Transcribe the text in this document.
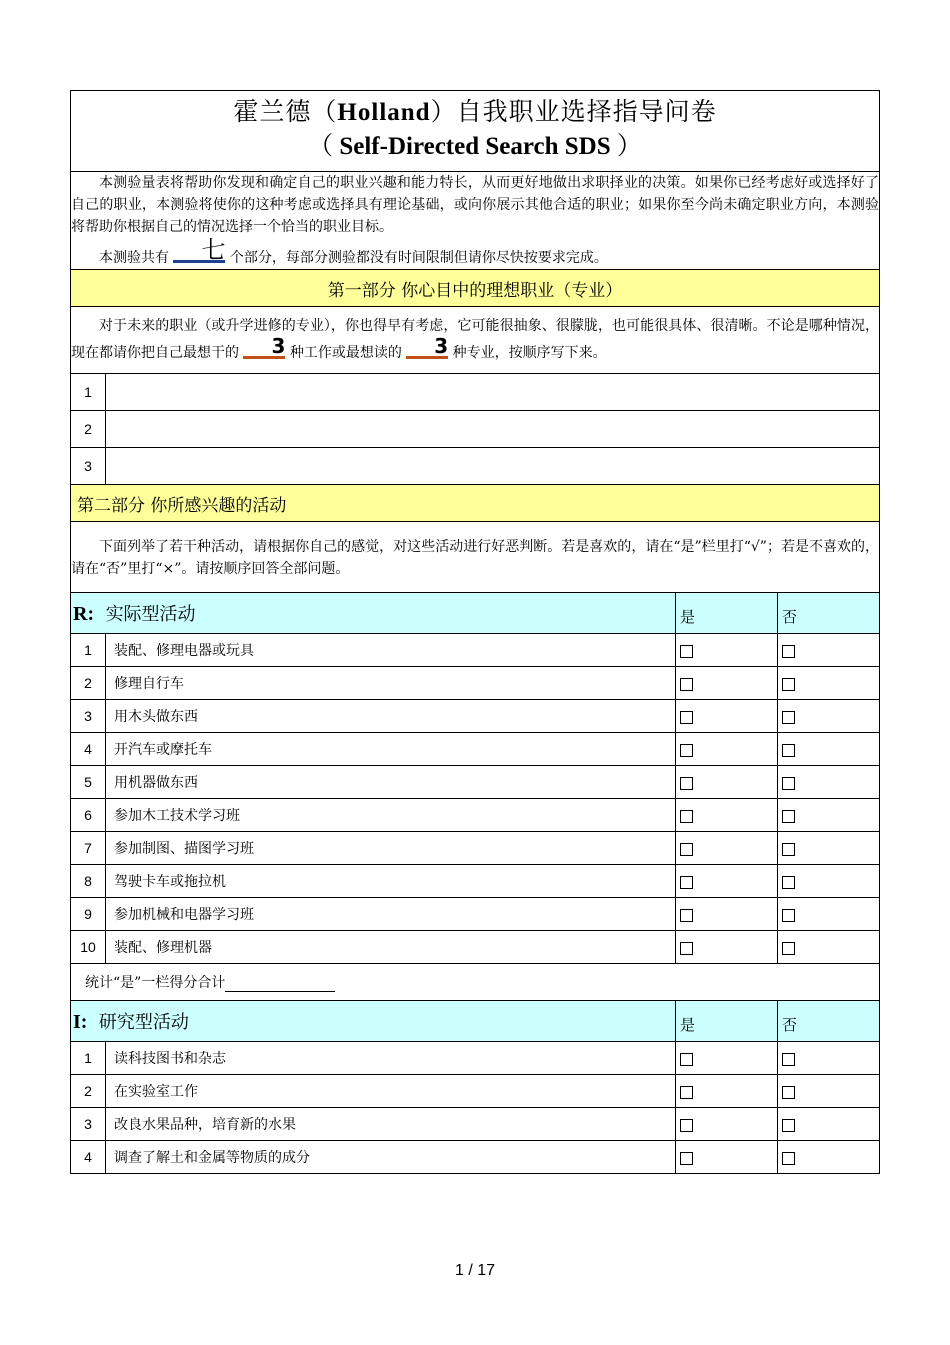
霍兰德（Holland）自我职业选择指导问卷
（ Self-Directed Search SDS ）			

本测验量表将帮助你发现和确定自己的职业兴趣和能力特长，从而更好地做出求职择业的决策。如果你已经考虑好或选择好了自己的职业，本测验将使你的这种考虑或选择具有理论基础，或向你展示其他合适的职业；如果你至今尚未确定职业方向，本测验将帮助你根据自己的情况选择一个恰当的职业目标。

本测验共有 七 个部分，每部分测验都没有时间限制但请你尽快按要求完成。			

第一部分 你心目中的理想职业（专业）			

对于未来的职业（或升学进修的专业），你也得早有考虑，它可能很抽象、很朦胧，也可能很具体、很清晰。不论是哪种情况，现在都请你把自己最想干的 3 种工作或最想读的 3 种专业，按顺序写下来。			

1			
2			
3			
第二部分 你所感兴趣的活动			

下面列举了若干种活动，请根据你自己的感觉，对这些活动进行好恶判断。若是喜欢的，请在“是”栏里打“√”；若是不喜欢的，请在“否”里打“×”。请按顺序回答全部问题。			

R: 实际型活动		是	否
1	装配、修理电器或玩具		
2	修理自行车		
3	用木头做东西		
4	开汽车或摩托车		
5	用机器做东西		
6	参加木工技术学习班		
7	参加制图、描图学习班		
8	驾驶卡车或拖拉机		
9	参加机械和电器学习班		
10	装配、修理机器		
统计“是”一栏得分合计			
I: 研究型活动		是	否
1	读科技图书和杂志		
2	在实验室工作		
3	改良水果品种，培育新的水果		
4	调查了解土和金属等物质的成分		
1 / 17
